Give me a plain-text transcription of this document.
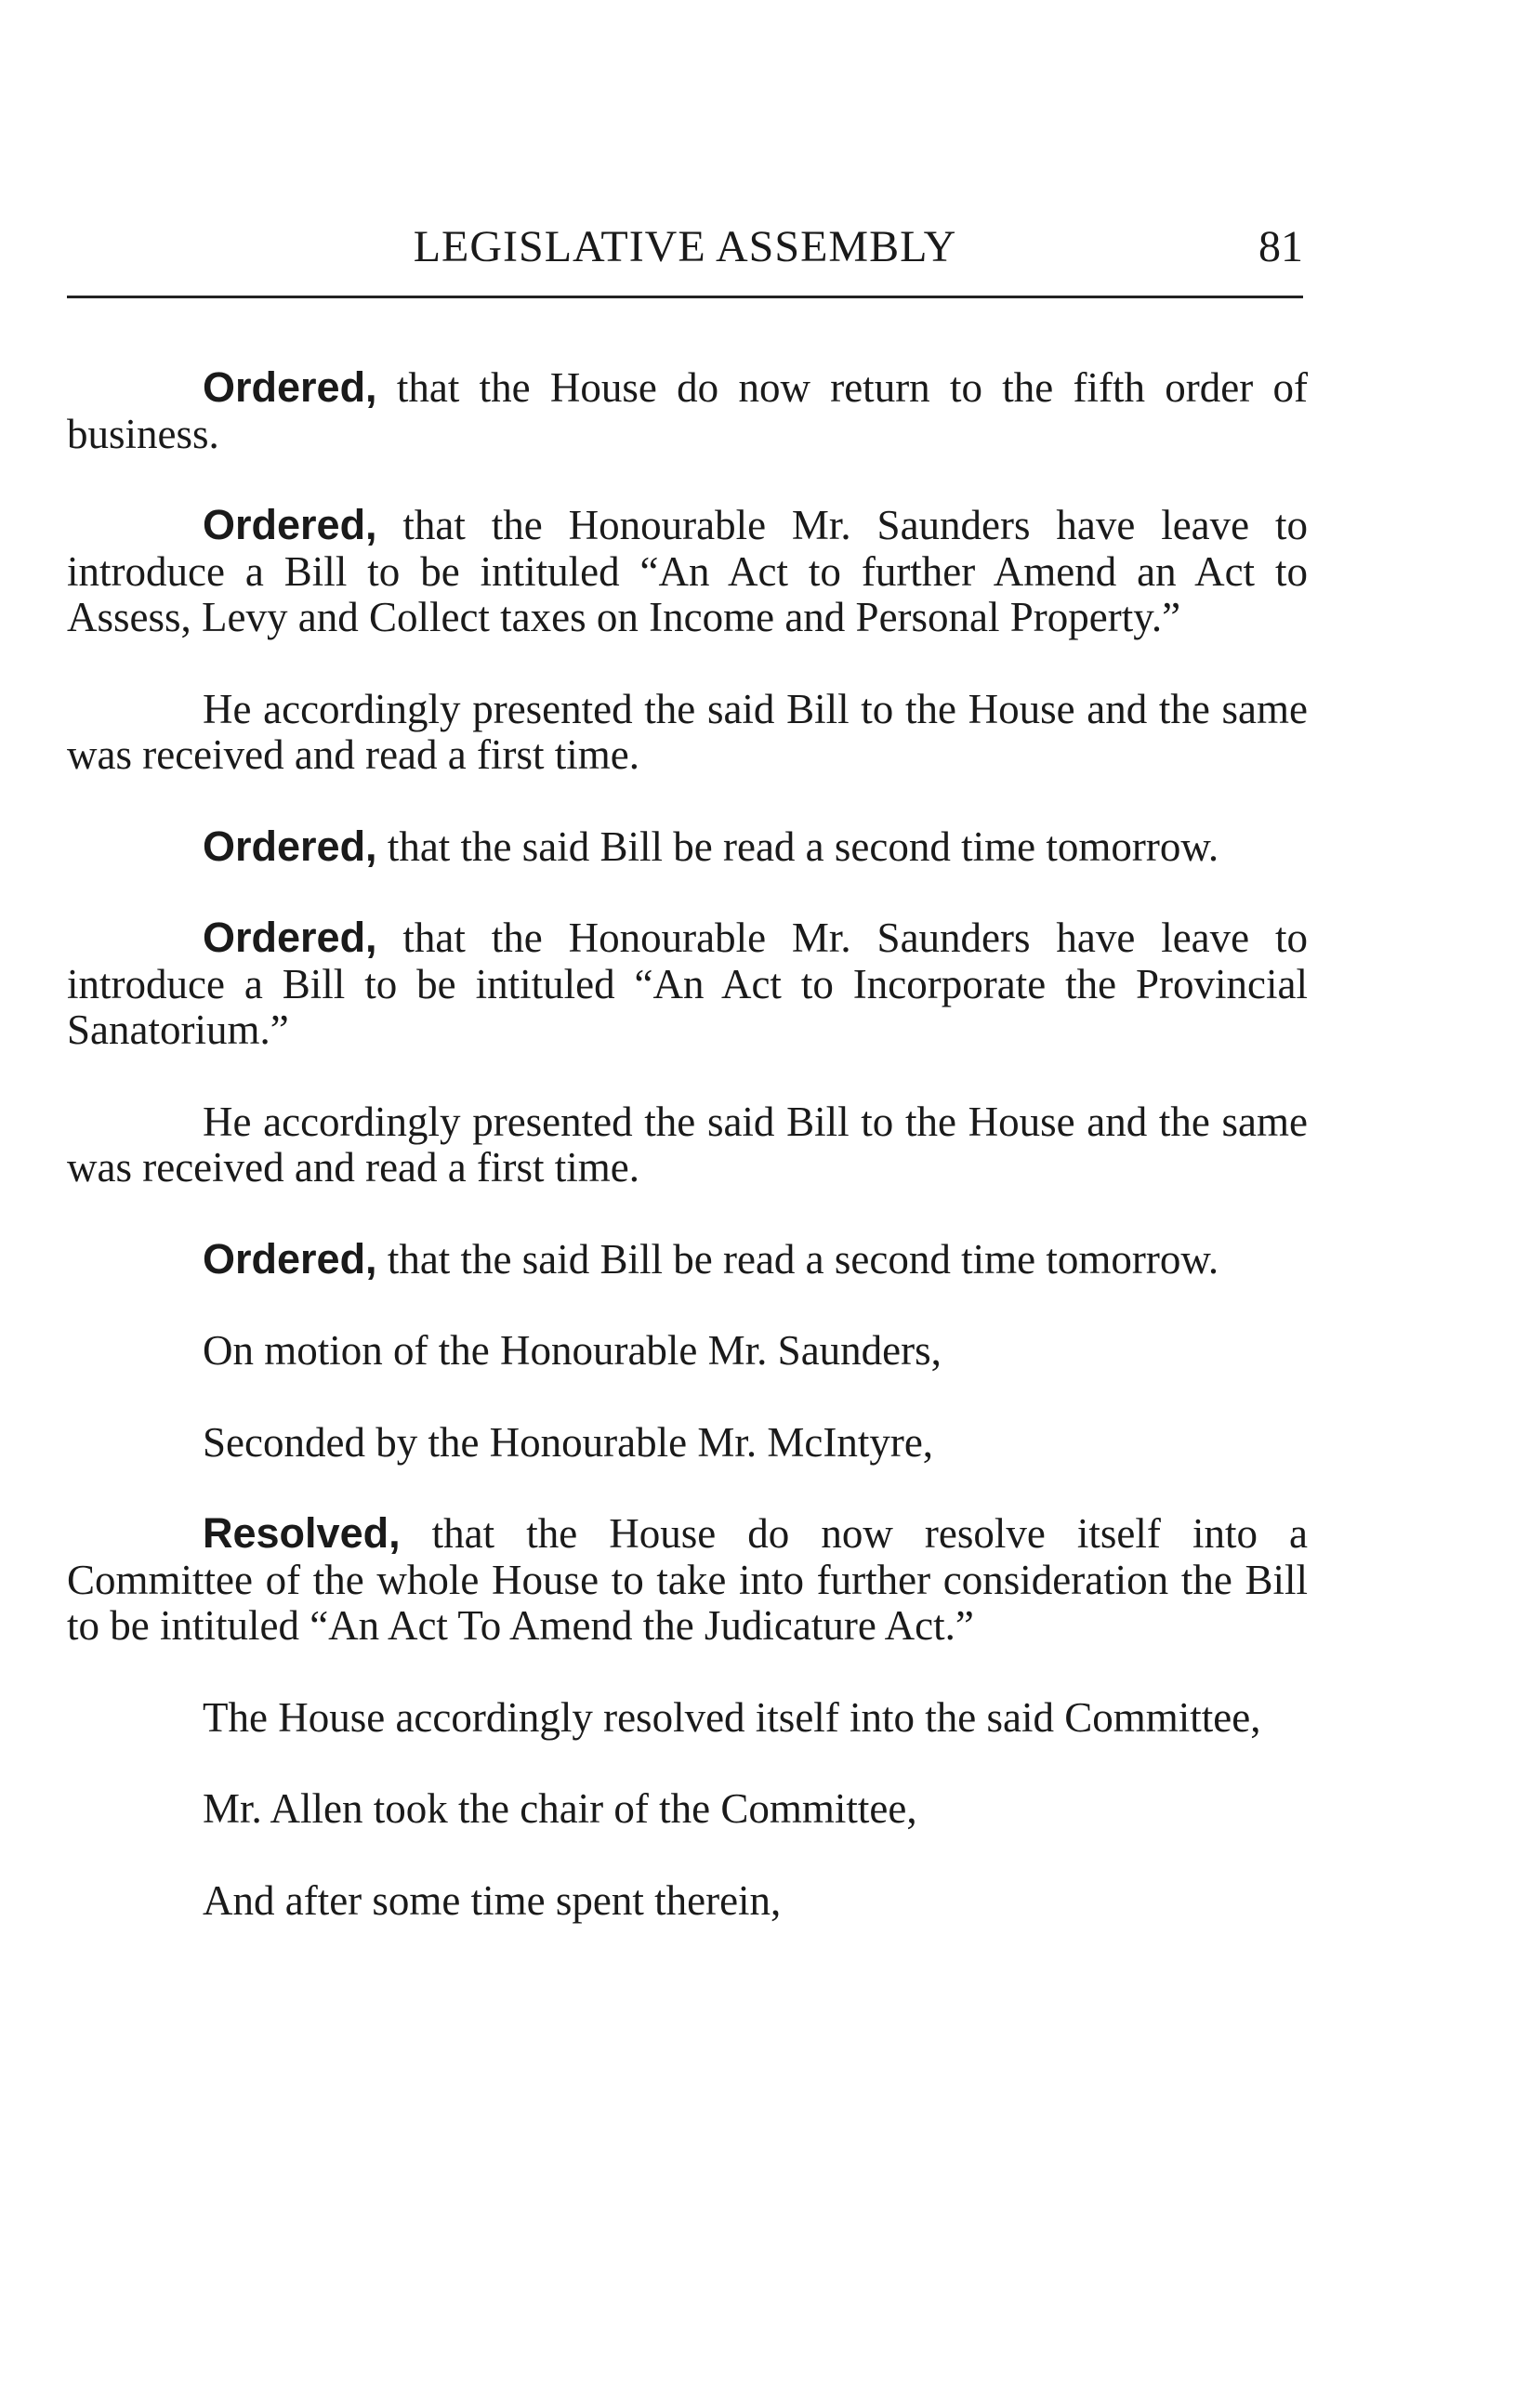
LEGISLATIVE ASSEMBLY	81

Ordered, that the House do now return to the fifth order of business.

Ordered, that the Honourable Mr. Saunders have leave to introduce a Bill to be intituled “An Act to further Amend an Act to Assess, Levy and Collect taxes on Income and Personal Property.”

He accordingly presented the said Bill to the House and the same was received and read a first time.

Ordered, that the said Bill be read a second time tomorrow.

Ordered, that the Honourable Mr. Saunders have leave to introduce a Bill to be intituled “An Act to Incorporate the Provincial Sanatorium.”

He accordingly presented the said Bill to the House and the same was received and read a first time.

Ordered, that the said Bill be read a second time tomorrow.

On motion of the Honourable Mr. Saunders,

Seconded by the Honourable Mr. McIntyre,

Resolved, that the House do now resolve itself into a Committee of the whole House to take into further consideration the Bill to be intituled “An Act To Amend the Judicature Act.”

The House accordingly resolved itself into the said Committee,

Mr. Allen took the chair of the Committee,

And after some time spent therein,
